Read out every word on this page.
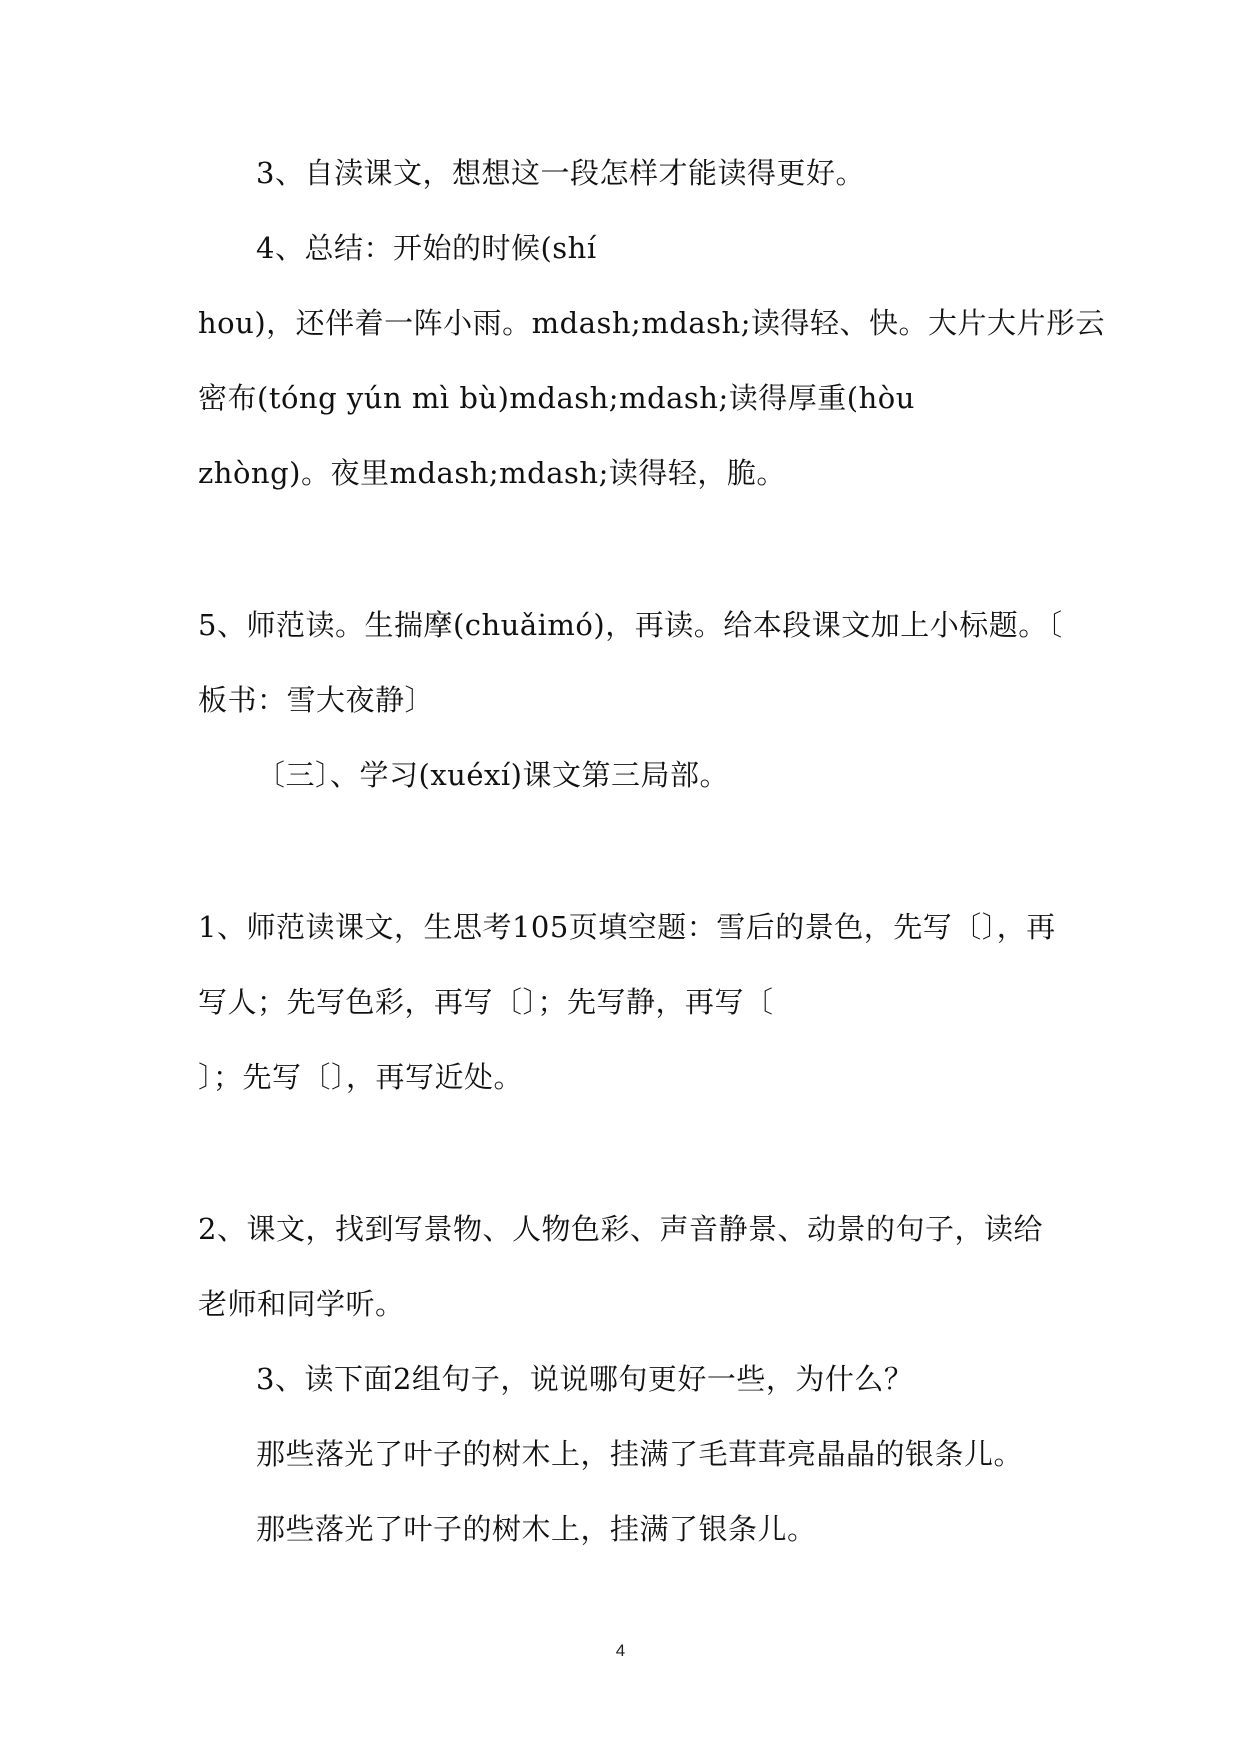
3、自渎课文，想想这一段怎样才能读得更好。
4、总结：开始的时候(shí
hou)，还伴着一阵小雨。mdash;mdash;读得轻、快。大片大片彤云
密布(tóng yún mì bù)mdash;mdash;读得厚重(hòu
zhòng)。夜里mdash;mdash;读得轻，脆。
5、师范读。生揣摩(chuǎimó)，再读。给本段课文加上小标题。〔
板书：雪大夜静〕
〔三〕、学习(xuéxí)课文第三局部。
1、师范读课文，生思考105页填空题：雪后的景色，先写〔〕，再
写人；先写色彩，再写〔〕；先写静，再写〔
〕；先写〔〕，再写近处。
2、课文，找到写景物、人物色彩、声音静景、动景的句子，读给
老师和同学听。
3、读下面2组句子，说说哪句更好一些，为什么？
那些落光了叶子的树木上，挂满了毛茸茸亮晶晶的银条儿。
那些落光了叶子的树木上，挂满了银条儿。
4
